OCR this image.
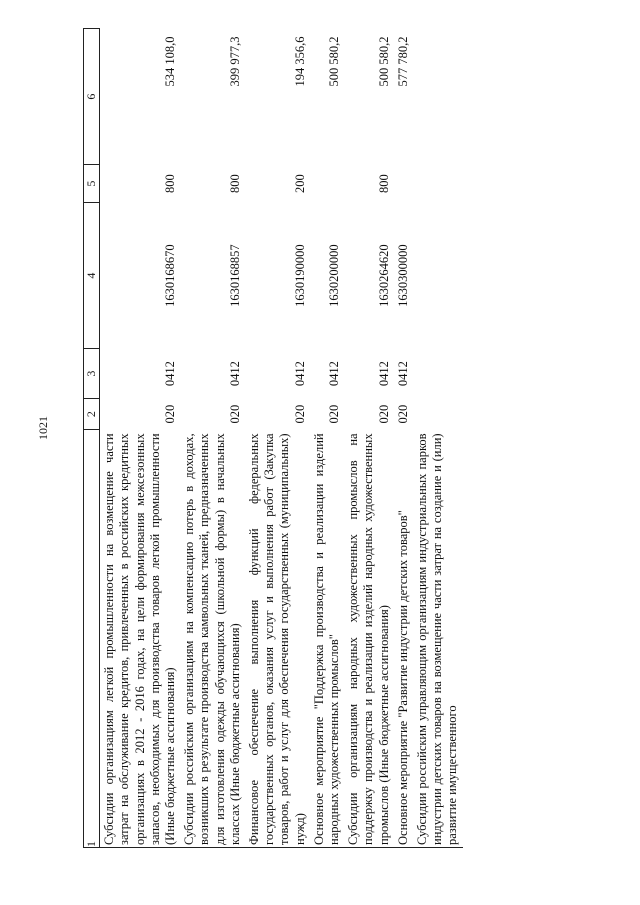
1021
1	2	3	4	5	6
Субсидии организациям легкой промышленности на возмещение части затрат на обслуживание кредитов, привлеченных в российских кредитных организациях в 2012 - 2016 годах, на цели формирования межсезонных запасов, необходимых для производства товаров легкой промышленности (Иные бюджетные ассигнования)	020	0412	1630168670	800	534 108,0
Субсидии российским организациям на компенсацию потерь в доходах, возникших в результате производства камвольных тканей, предназначенных для изготовления одежды обучающихся (школьной формы) в начальных классах (Иные бюджетные ассигнования)	020	0412	1630168857	800	399 977,3
Финансовое обеспечение выполнения функций федеральных государственных органов, оказания услуг и выполнения работ (Закупка товаров, работ и услуг для обеспечения государственных (муниципальных) нужд)	020	0412	1630190000	200	194 356,6
Основное мероприятие "Поддержка производства и реализации изделий народных художественных промыслов"	020	0412	1630200000		500 580,2
Субсидии организациям народных художественных промыслов на поддержку производства и реализации изделий народных художественных промыслов (Иные бюджетные ассигнования)	020	0412	1630264620	800	500 580,2
Основное мероприятие "Развитие индустрии детских товаров"	020	0412	1630300000		577 780,2
Субсидии российским управляющим организациям индустриальных парков индустрии детских товаров на возмещение части затрат на создание и (или) развитие имущественного					
